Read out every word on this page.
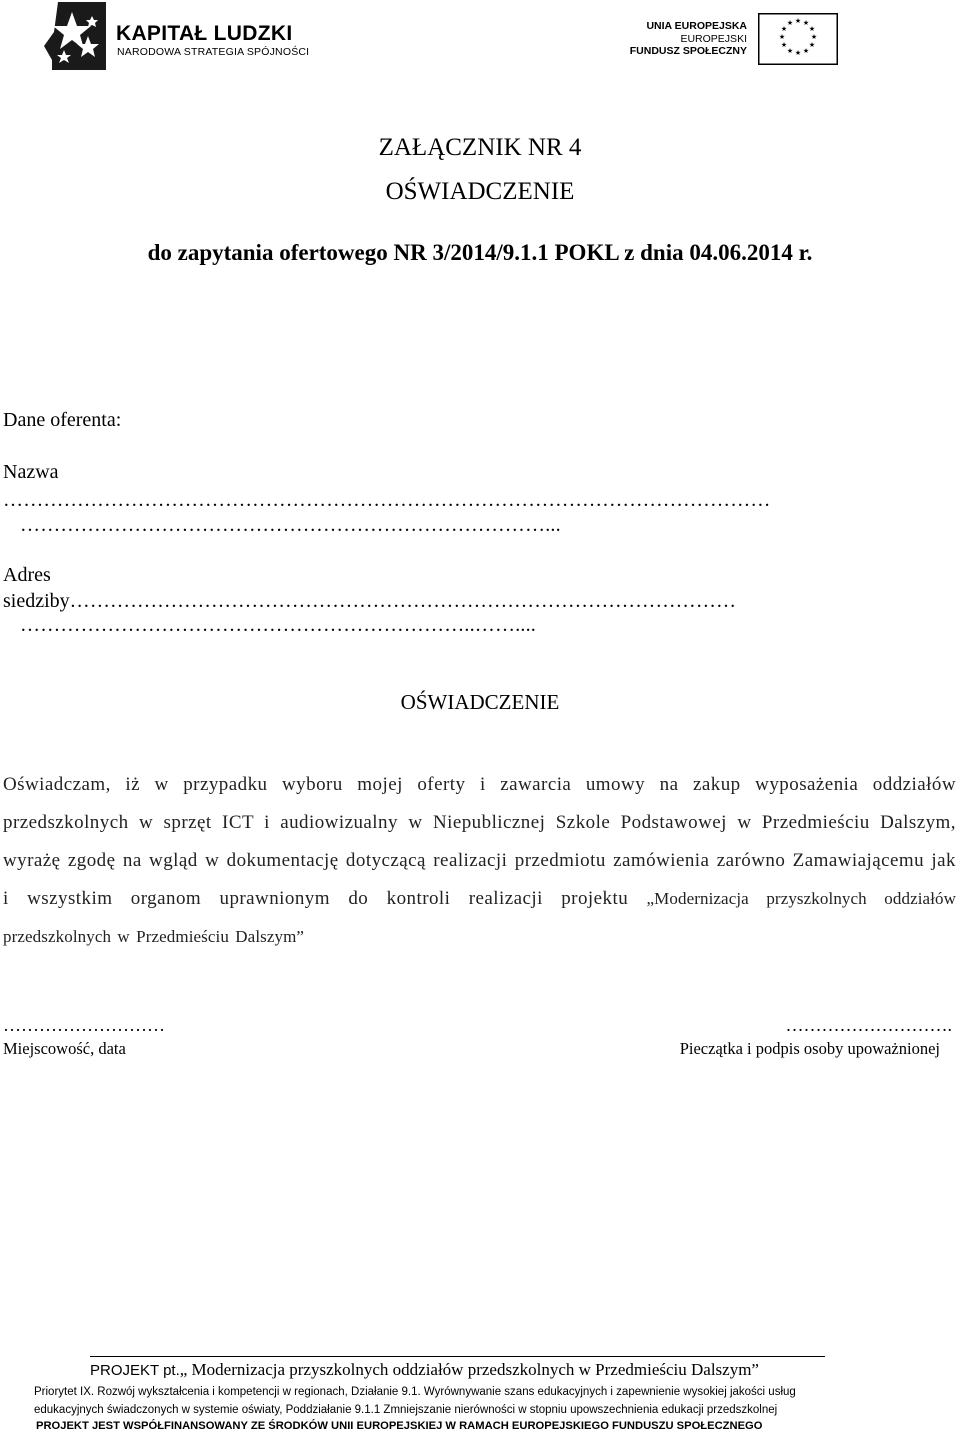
KAPITAŁ LUDZKI
NARODOWA STRATEGIA SPÓJNOŚCI
UNIA EUROPEJSKA
EUROPEJSKI
FUNDUSZ SPOŁECZNY
★ ★
★
★
★
★
★
★
★
★
★
★
ZAŁĄCZNIK NR 4
OŚWIADCZENIE
do zapytania ofertowego NR 3/2014/9.1.1 POKL z dnia 04.06.2014 r.
Dane oferenta:
Nazwa
……………………………………………………………………………………………………
……………………………………………………………………...
Adres
siedziby………………………………………………………………………………………
…………………………………………………………..……....
OŚWIADCZENIE
Oświadczam, iż w przypadku wyboru mojej oferty i zawarcia umowy na zakup wyposażenia oddziałów przedszkolnych w sprzęt ICT i audiowizualny w Niepublicznej Szkole Podstawowej w Przedmieściu Dalszym, wyrażę zgodę na wgląd w dokumentację dotyczącą realizacji przedmiotu zamówienia zarówno Zamawiającemu jak i wszystkim organom uprawnionym do kontroli realizacji projektu „Modernizacja przyszkolnych oddziałów przedszkolnych w Przedmieściu Dalszym”
………………………
Miejscowość, data
……………………….
Pieczątka i podpis osoby upoważnionej
PROJEKT pt.„ Modernizacja przyszkolnych oddziałów przedszkolnych w Przedmieściu Dalszym”
Priorytet IX. Rozwój wykształcenia i kompetencji w regionach, Działanie 9.1. Wyrównywanie szans edukacyjnych i zapewnienie wysokiej jakości usług
edukacyjnych świadczonych w systemie oświaty, Poddziałanie 9.1.1 Zmniejszanie nierówności w stopniu upowszechnienia edukacji przedszkolnej
PROJEKT JEST WSPÓŁFINANSOWANY ZE ŚRODKÓW UNII EUROPEJSKIEJ W RAMACH EUROPEJSKIEGO FUNDUSZU SPOŁECZNEGO
